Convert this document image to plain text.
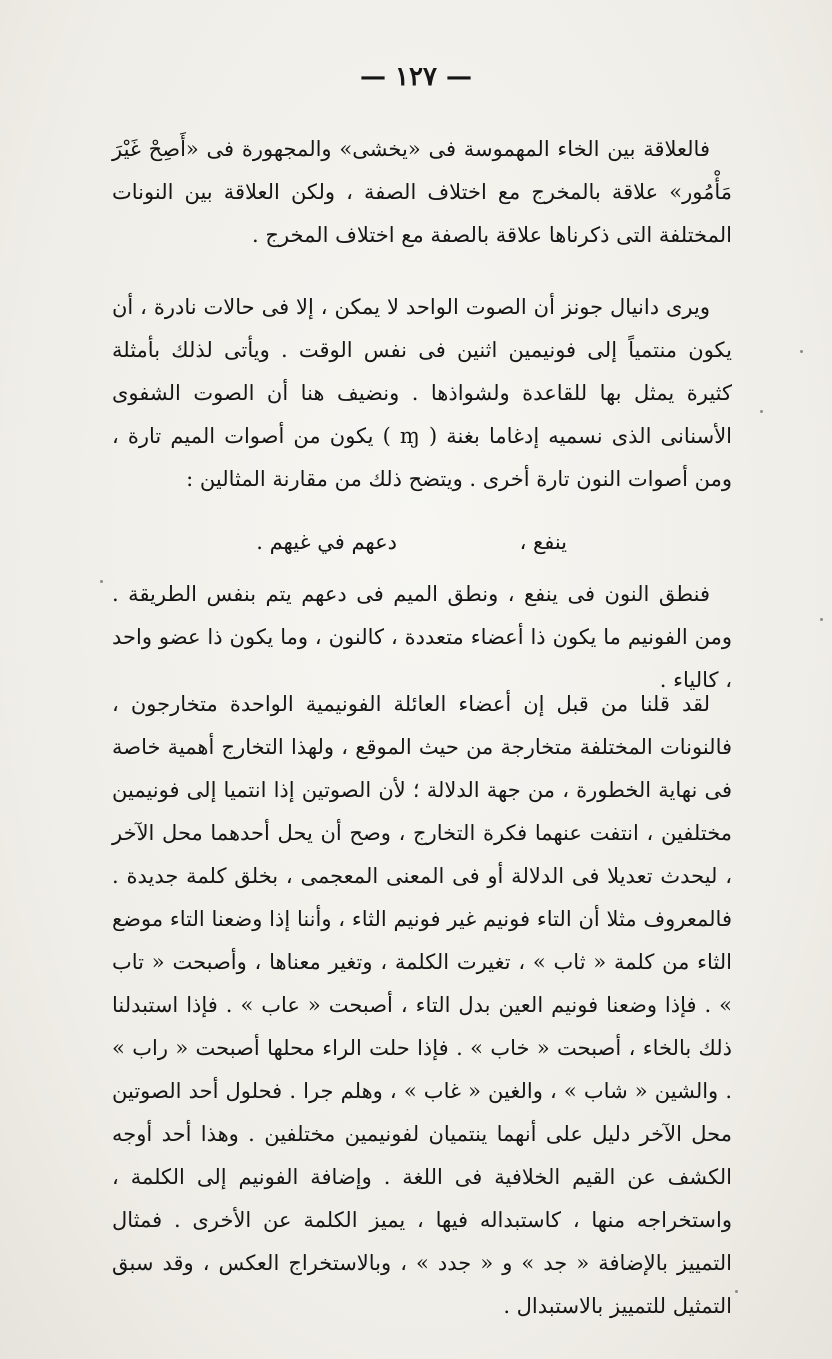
— ١٢٧ —

فالعلاقة بين الخاء المهموسة فى «يخشى» والمجهورة فى «أَصِحْ غَيْرَ مَأْمُور» علاقة بالمخرج مع اختلاف الصفة ، ولكن العلاقة بين النونات المختلفة التى ذكرناها علاقة بالصفة مع اختلاف المخرج .

ويرى دانيال جونز أن الصوت الواحد لا يمكن ، إلا فى حالات نادرة ، أن يكون منتمياً إلى فونيمين اثنين فى نفس الوقت . ويأتى لذلك بأمثلة كثيرة يمثل بها للقاعدة ولشواذها . ونضيف هنا أن الصوت الشفوى الأسنانى الذى نسميه إدغاما بغنة ( ɱ ) يكون من أصوات الميم تارة ، ومن أصوات النون تارة أخرى . ويتضح ذلك من مقارنة المثالين :

ينفع ،
دعهم في غيهم .

فنطق النون فى ينفع ، ونطق الميم فى دعهم يتم بنفس الطريقة . ومن الفونيم ما يكون ذا أعضاء متعددة ، كالنون ، وما يكون ذا عضو واحد ، كالياء .

لقد قلنا من قبل إن أعضاء العائلة الفونيمية الواحدة متخارجون ، فالنونات المختلفة متخارجة من حيث الموقع ، ولهذا التخارج أهمية خاصة فى نهاية الخطورة ، من جهة الدلالة ؛ لأن الصوتين إذا انتميا إلى فونيمين مختلفين ، انتفت عنهما فكرة التخارج ، وصح أن يحل أحدهما محل الآخر ، ليحدث تعديلا فى الدلالة أو فى المعنى المعجمى ، بخلق كلمة جديدة . فالمعروف مثلا أن التاء فونيم غير فونيم الثاء ، وأننا إذا وضعنا التاء موضع الثاء من كلمة « ثاب » ، تغيرت الكلمة ، وتغير معناها ، وأصبحت « تاب » . فإذا وضعنا فونيم العين بدل التاء ، أصبحت « عاب » . فإذا استبدلنا ذلك بالخاء ، أصبحت « خاب » . فإذا حلت الراء محلها أصبحت « راب » . والشين « شاب » ، والغين « غاب » ، وهلم جرا . فحلول أحد الصوتين محل الآخر دليل على أنهما ينتميان لفونيمين مختلفين . وهذا أحد أوجه الكشف عن القيم الخلافية فى اللغة . وإضافة الفونيم إلى الكلمة ، واستخراجه منها ، كاستبداله فيها ، يميز الكلمة عن الأخرى . فمثال التمييز بالإضافة « جد » و « جدد » ، وبالاستخراج العكس ، وقد سبق التمثيل للتمييز بالاستبدال .
